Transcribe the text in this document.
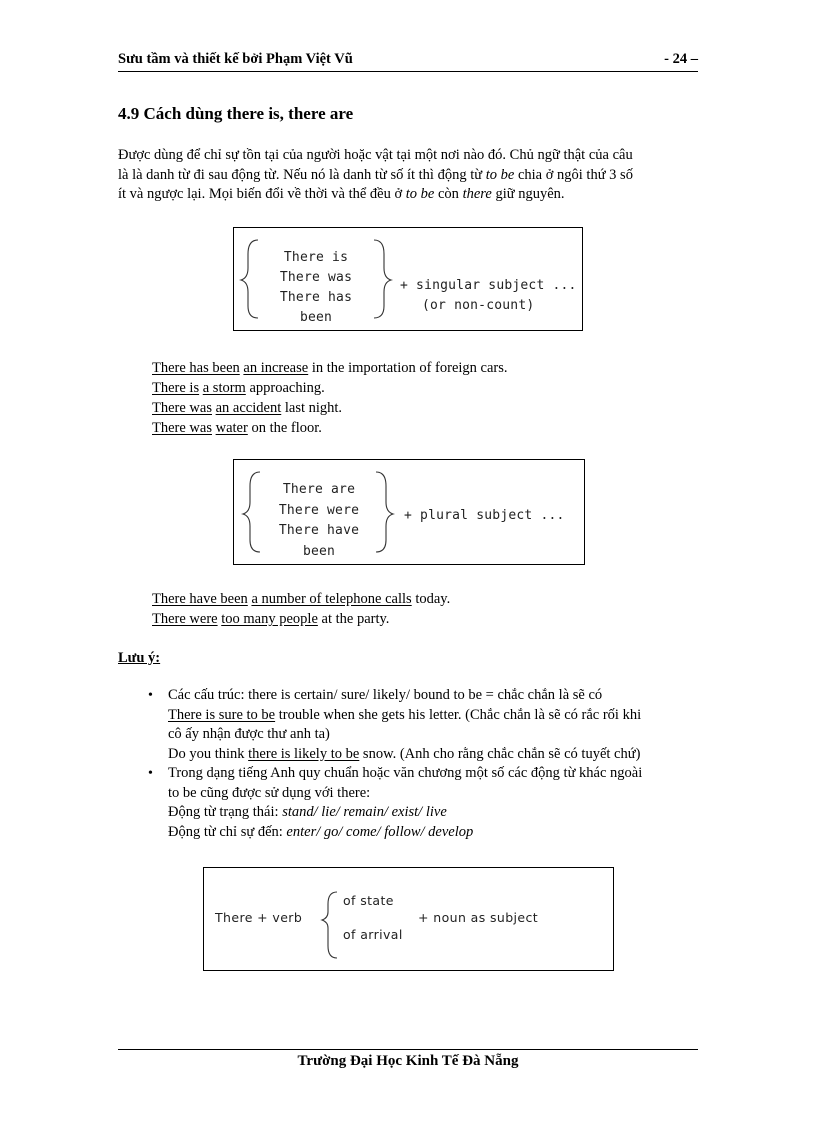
Sưu tầm và thiết kế bởi Phạm Việt Vũ	- 24 –
4.9 Cách dùng there is, there are
Được dùng để chỉ sự tồn tại của người hoặc vật tại một nơi nào đó. Chủ ngữ thật của câu
là là danh từ đi sau động từ. Nếu nó là danh từ số ít thì động từ to be chia ở ngôi thứ 3 số
ít và ngược lại. Mọi biến đổi về thời và thể đều ở to be còn there giữ nguyên.
There is
There was
There has been
+ singular subject ...
(or non-count)
There has been an increase in the importation of foreign cars.
There is a storm approaching.
There was an accident last night.
There was water on the floor.
There are
There were
There have been
+ plural subject ...
There have been a number of telephone calls today.
There were too many people at the party.
Lưu ý:
• Các cấu trúc: there is certain/ sure/ likely/ bound to be = chắc chắn là sẽ có
There is sure to be trouble when she gets his letter. (Chắc chắn là sẽ có rắc rối khi
cô ấy nhận được thư anh ta)
Do you think there is likely to be snow. (Anh cho rằng chắc chắn sẽ có tuyết chứ)
• Trong dạng tiếng Anh quy chuẩn hoặc văn chương một số các động từ khác ngoài
to be cũng được sử dụng với there:
Động từ trạng thái: stand/ lie/ remain/ exist/ live
Động từ chỉ sự đến: enter/ go/ come/ follow/ develop
There + verb
of state
of arrival
+ noun as subject
Trường Đại Học Kinh Tế Đà Nẵng
